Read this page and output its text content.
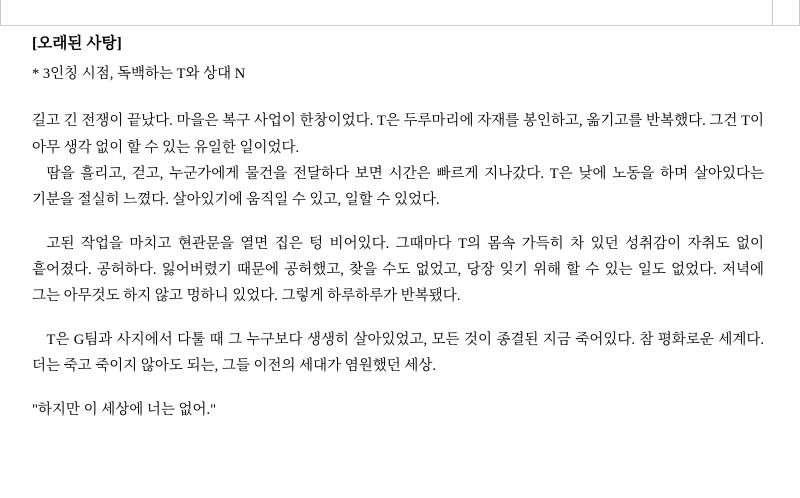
[오래된 사탕]
* 3인칭 시점, 독백하는 T와 상대 N

길고 긴 전쟁이 끝났다. 마을은 복구 사업이 한창이었다. T은 두루마리에 자재를 봉인하고, 옮기고를 반복했다. 그건 T이 아무 생각 없이 할 수 있는 유일한 일이었다.

땀을 흘리고, 걷고, 누군가에게 물건을 전달하다 보면 시간은 빠르게 지나갔다. T은 낮에 노동을 하며 살아있다는 기분을 절실히 느꼈다. 살아있기에 움직일 수 있고, 일할 수 있었다.

고된 작업을 마치고 현관문을 열면 집은 텅 비어있다. 그때마다 T의 몸속 가득히 차 있던 성취감이 자취도 없이 흩어졌다. 공허하다. 잃어버렸기 때문에 공허했고, 찾을 수도 없었고, 당장 잊기 위해 할 수 있는 일도 없었다. 저녁에 그는 아무것도 하지 않고 멍하니 있었다. 그렇게 하루하루가 반복됐다.

T은 G팀과 사지에서 다툴 때 그 누구보다 생생히 살아있었고, 모든 것이 종결된 지금 죽어있다. 참 평화로운 세계다. 더는 죽고 죽이지 않아도 되는, 그들 이전의 세대가 염원했던 세상.

"하지만 이 세상에 너는 없어."
